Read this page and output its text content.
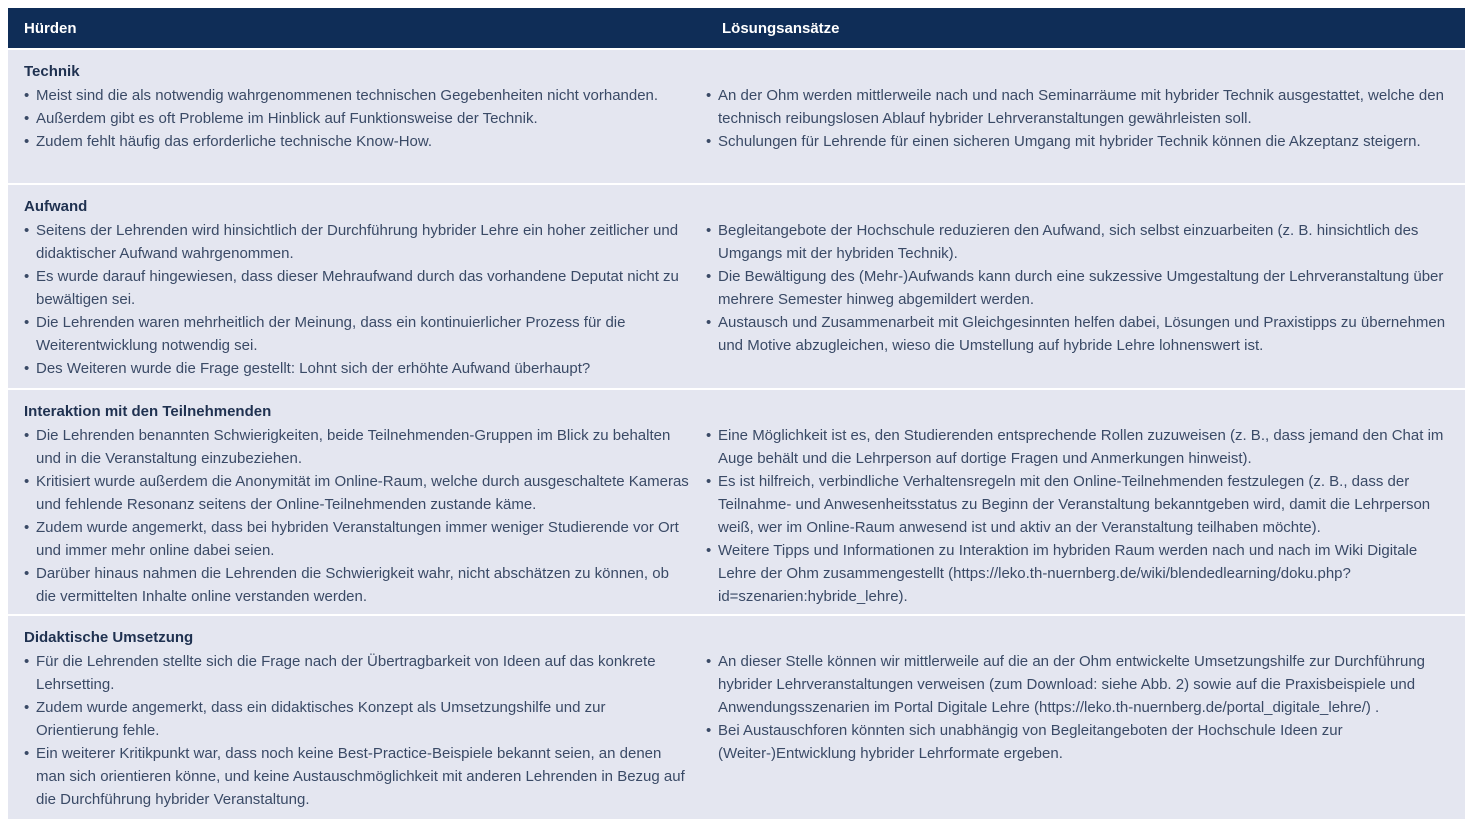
Hürden	Lösungsansätze
Technik
• Meist sind die als notwendig wahrgenommenen technischen Gegebenheiten nicht vorhanden.
• Außerdem gibt es oft Probleme im Hinblick auf Funktionsweise der Technik.
• Zudem fehlt häufig das erforderliche technische Know-How.
• An der Ohm werden mittlerweile nach und nach Seminarräume mit hybrider Technik ausgestattet, welche den technisch reibungslosen Ablauf hybrider Lehrveranstaltungen gewährleisten soll.
• Schulungen für Lehrende für einen sicheren Umgang mit hybrider Technik können die Akzeptanz steigern.
Aufwand
• Seitens der Lehrenden wird hinsichtlich der Durchführung hybrider Lehre ein hoher zeitlicher und didaktischer Aufwand wahrgenommen.
• Es wurde darauf hingewiesen, dass dieser Mehraufwand durch das vorhandene Deputat nicht zu bewältigen sei.
• Die Lehrenden waren mehrheitlich der Meinung, dass ein kontinuierlicher Prozess für die Weiterentwicklung notwendig sei.
• Des Weiteren wurde die Frage gestellt: Lohnt sich der erhöhte Aufwand überhaupt?
• Begleitangebote der Hochschule reduzieren den Aufwand, sich selbst einzuarbeiten (z. B. hinsichtlich des Umgangs mit der hybriden Technik).
• Die Bewältigung des (Mehr-)Aufwands kann durch eine sukzessive Umgestaltung der Lehrveranstaltung über mehrere Semester hinweg abgemildert werden.
• Austausch und Zusammenarbeit mit Gleichgesinnten helfen dabei, Lösungen und Praxistipps zu übernehmen und Motive abzugleichen, wieso die Umstellung auf hybride Lehre lohnenswert ist.
Interaktion mit den Teilnehmenden
• Die Lehrenden benannten Schwierigkeiten, beide Teilnehmenden-Gruppen im Blick zu behalten und in die Veranstaltung einzubeziehen.
• Kritisiert wurde außerdem die Anonymität im Online-Raum, welche durch ausgeschaltete Kameras und fehlende Resonanz seitens der Online-Teilnehmenden zustande käme.
• Zudem wurde angemerkt, dass bei hybriden Veranstaltungen immer weniger Studierende vor Ort und immer mehr online dabei seien.
• Darüber hinaus nahmen die Lehrenden die Schwierigkeit wahr, nicht abschätzen zu können, ob die vermittelten Inhalte online verstanden werden.
• Eine Möglichkeit ist es, den Studierenden entsprechende Rollen zuzuweisen (z. B., dass jemand den Chat im Auge behält und die Lehrperson auf dortige Fragen und Anmerkungen hinweist).
• Es ist hilfreich, verbindliche Verhaltensregeln mit den Online-Teilnehmenden festzulegen (z. B., dass der Teilnahme- und Anwesenheitsstatus zu Beginn der Veranstaltung bekanntgeben wird, damit die Lehrperson weiß, wer im Online-Raum anwesend ist und aktiv an der Veranstaltung teilhaben möchte).
• Weitere Tipps und Informationen zu Interaktion im hybriden Raum werden nach und nach im Wiki Digitale Lehre der Ohm zusammengestellt (https://leko.th-nuernberg.de/wiki/blendedlearning/doku.php?id=szenarien:hybride_lehre).
Didaktische Umsetzung
• Für die Lehrenden stellte sich die Frage nach der Übertragbarkeit von Ideen auf das konkrete Lehrsetting.
• Zudem wurde angemerkt, dass ein didaktisches Konzept als Umsetzungshilfe und zur Orientierung fehle.
• Ein weiterer Kritikpunkt war, dass noch keine Best-Practice-Beispiele bekannt seien, an denen man sich orientieren könne, und keine Austauschmöglichkeit mit anderen Lehrenden in Bezug auf die Durchführung hybrider Veranstaltung.
• An dieser Stelle können wir mittlerweile auf die an der Ohm entwickelte Umsetzungshilfe zur Durchführung hybrider Lehrveranstaltungen verweisen (zum Download: siehe Abb. 2) sowie auf die Praxisbeispiele und Anwendungsszenarien im Portal Digitale Lehre (https://leko.th-nuernberg.de/portal_digitale_lehre/) .
• Bei Austauschforen könnten sich unabhängig von Begleitangeboten der Hochschule Ideen zur (Weiter-)Entwicklung hybrider Lehrformate ergeben.
